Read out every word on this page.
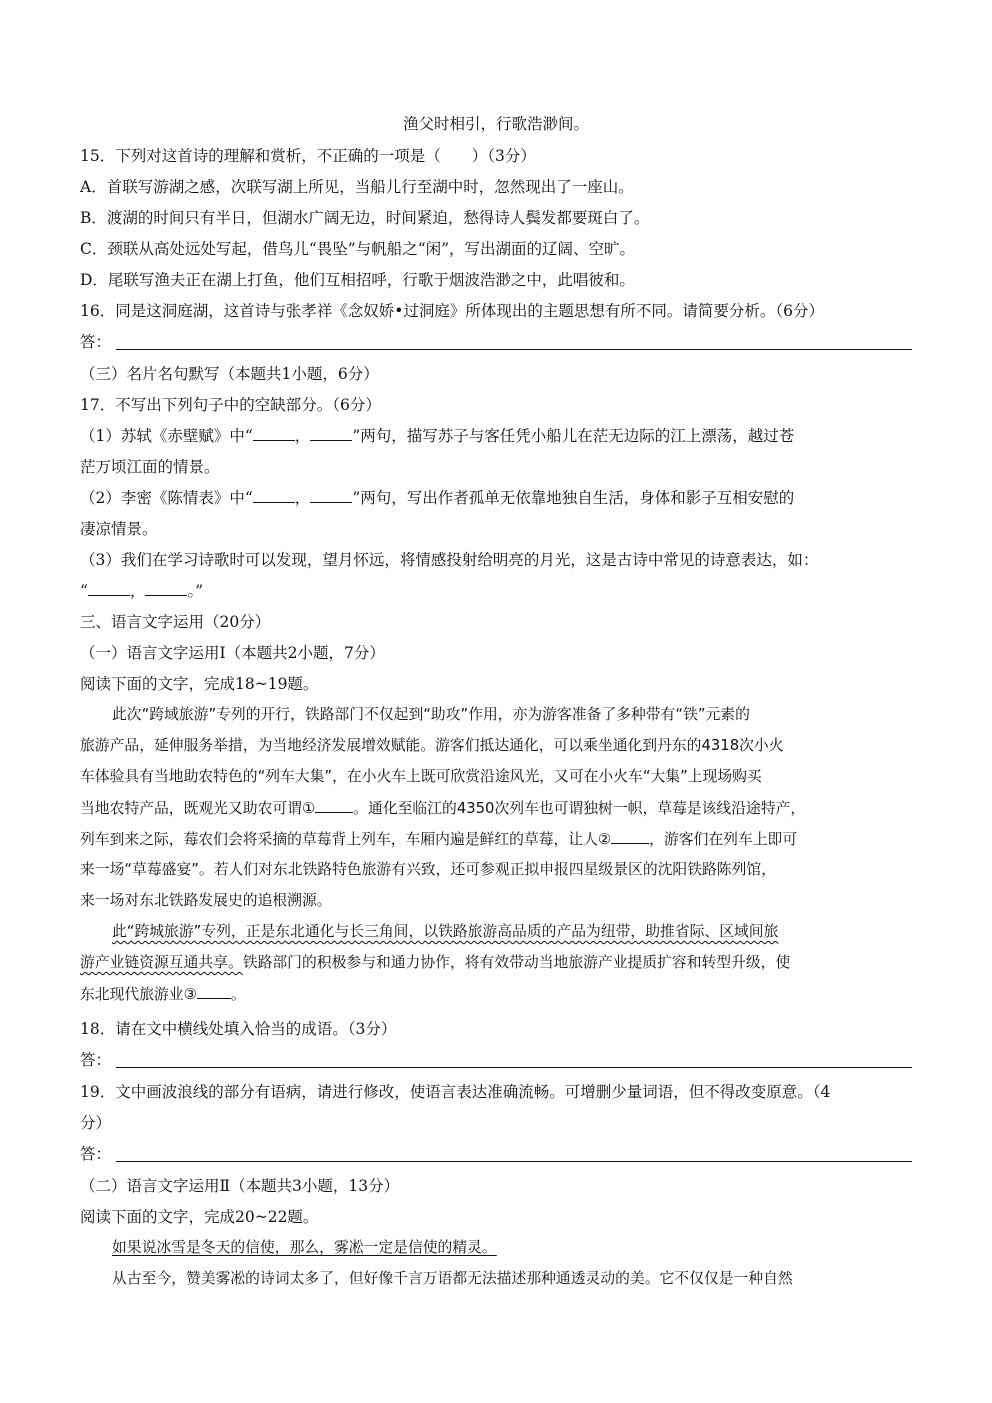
渔父时相引，行歌浩渺间。
15．下列对这首诗的理解和赏析，不正确的一项是（　　）（3分）
A．首联写游湖之感，次联写湖上所见，当船儿行至湖中时，忽然现出了一座山。
B．渡湖的时间只有半日，但湖水广阔无边，时间紧迫，愁得诗人鬓发都要斑白了。
C．颈联从高处远处写起，借鸟儿“畏坠”与帆船之“闲”，写出湖面的辽阔、空旷。
D．尾联写渔夫正在湖上打鱼，他们互相招呼，行歌于烟波浩渺之中，此唱彼和。
16．同是这洞庭湖，这首诗与张孝祥《念奴娇•过洞庭》所体现出的主题思想有所不同。请简要分析。（6分）
答：
（三）名片名句默写（本题共1小题，6分）
17．不写出下列句子中的空缺部分。（6分）
（1）苏轼《赤壁赋》中“	，	”两句，描写苏子与客任凭小船儿在茫无边际的江上漂荡，越过苍
茫万顷江面的情景。
（2）李密《陈情表》中“	，	”两句，写出作者孤单无依靠地独自生活，身体和影子互相安慰的
凄凉情景。
（3）我们在学习诗歌时可以发现，望月怀远，将情感投射给明亮的月光，这是古诗中常见的诗意表达，如：
“	，	。”
三、语言文字运用（20分）
（一）语言文字运用Ⅰ（本题共2小题，7分）
阅读下面的文字，完成18~19题。
此次“跨域旅游”专列的开行，铁路部门不仅起到“助攻”作用，亦为游客准备了多种带有“铁”元素的
旅游产品，延伸服务举措，为当地经济发展增效赋能。游客们抵达通化，可以乘坐通化到丹东的4318次小火
车体验具有当地助农特色的“列车大集”，在小火车上既可欣赏沿途风光，又可在小火车“大集”上现场购买
当地农特产品，既观光又助农可谓①	。通化至临江的4350次列车也可谓独树一帜，草莓是该线沿途特产，
列车到来之际，莓农们会将采摘的草莓背上列车，车厢内遍是鲜红的草莓，让人②	，游客们在列车上即可
来一场“草莓盛宴”。若人们对东北铁路特色旅游有兴致，还可参观正拟申报四星级景区的沈阳铁路陈列馆，
来一场对东北铁路发展史的追根溯源。
此“跨城旅游”专列，正是东北通化与长三角间，以铁路旅游高品质的产品为纽带，助推省际、区域间旅
游产业链资源互通共享。铁路部门的积极参与和通力协作，将有效带动当地旅游产业提质扩容和转型升级，使
东北现代旅游业③ 。
18．请在文中横线处填入恰当的成语。（3分）
答：
19．文中画波浪线的部分有语病，请进行修改，使语言表达准确流畅。可增删少量词语，但不得改变原意。（4
分）
答：
（二）语言文字运用Ⅱ（本题共3小题，13分）
阅读下面的文字，完成20~22题。
如果说冰雪是冬天的信使，那么，雾凇一定是信使的精灵。
从古至今，赞美雾凇的诗词太多了，但好像千言万语都无法描述那种通透灵动的美。它不仅仅是一种自然
